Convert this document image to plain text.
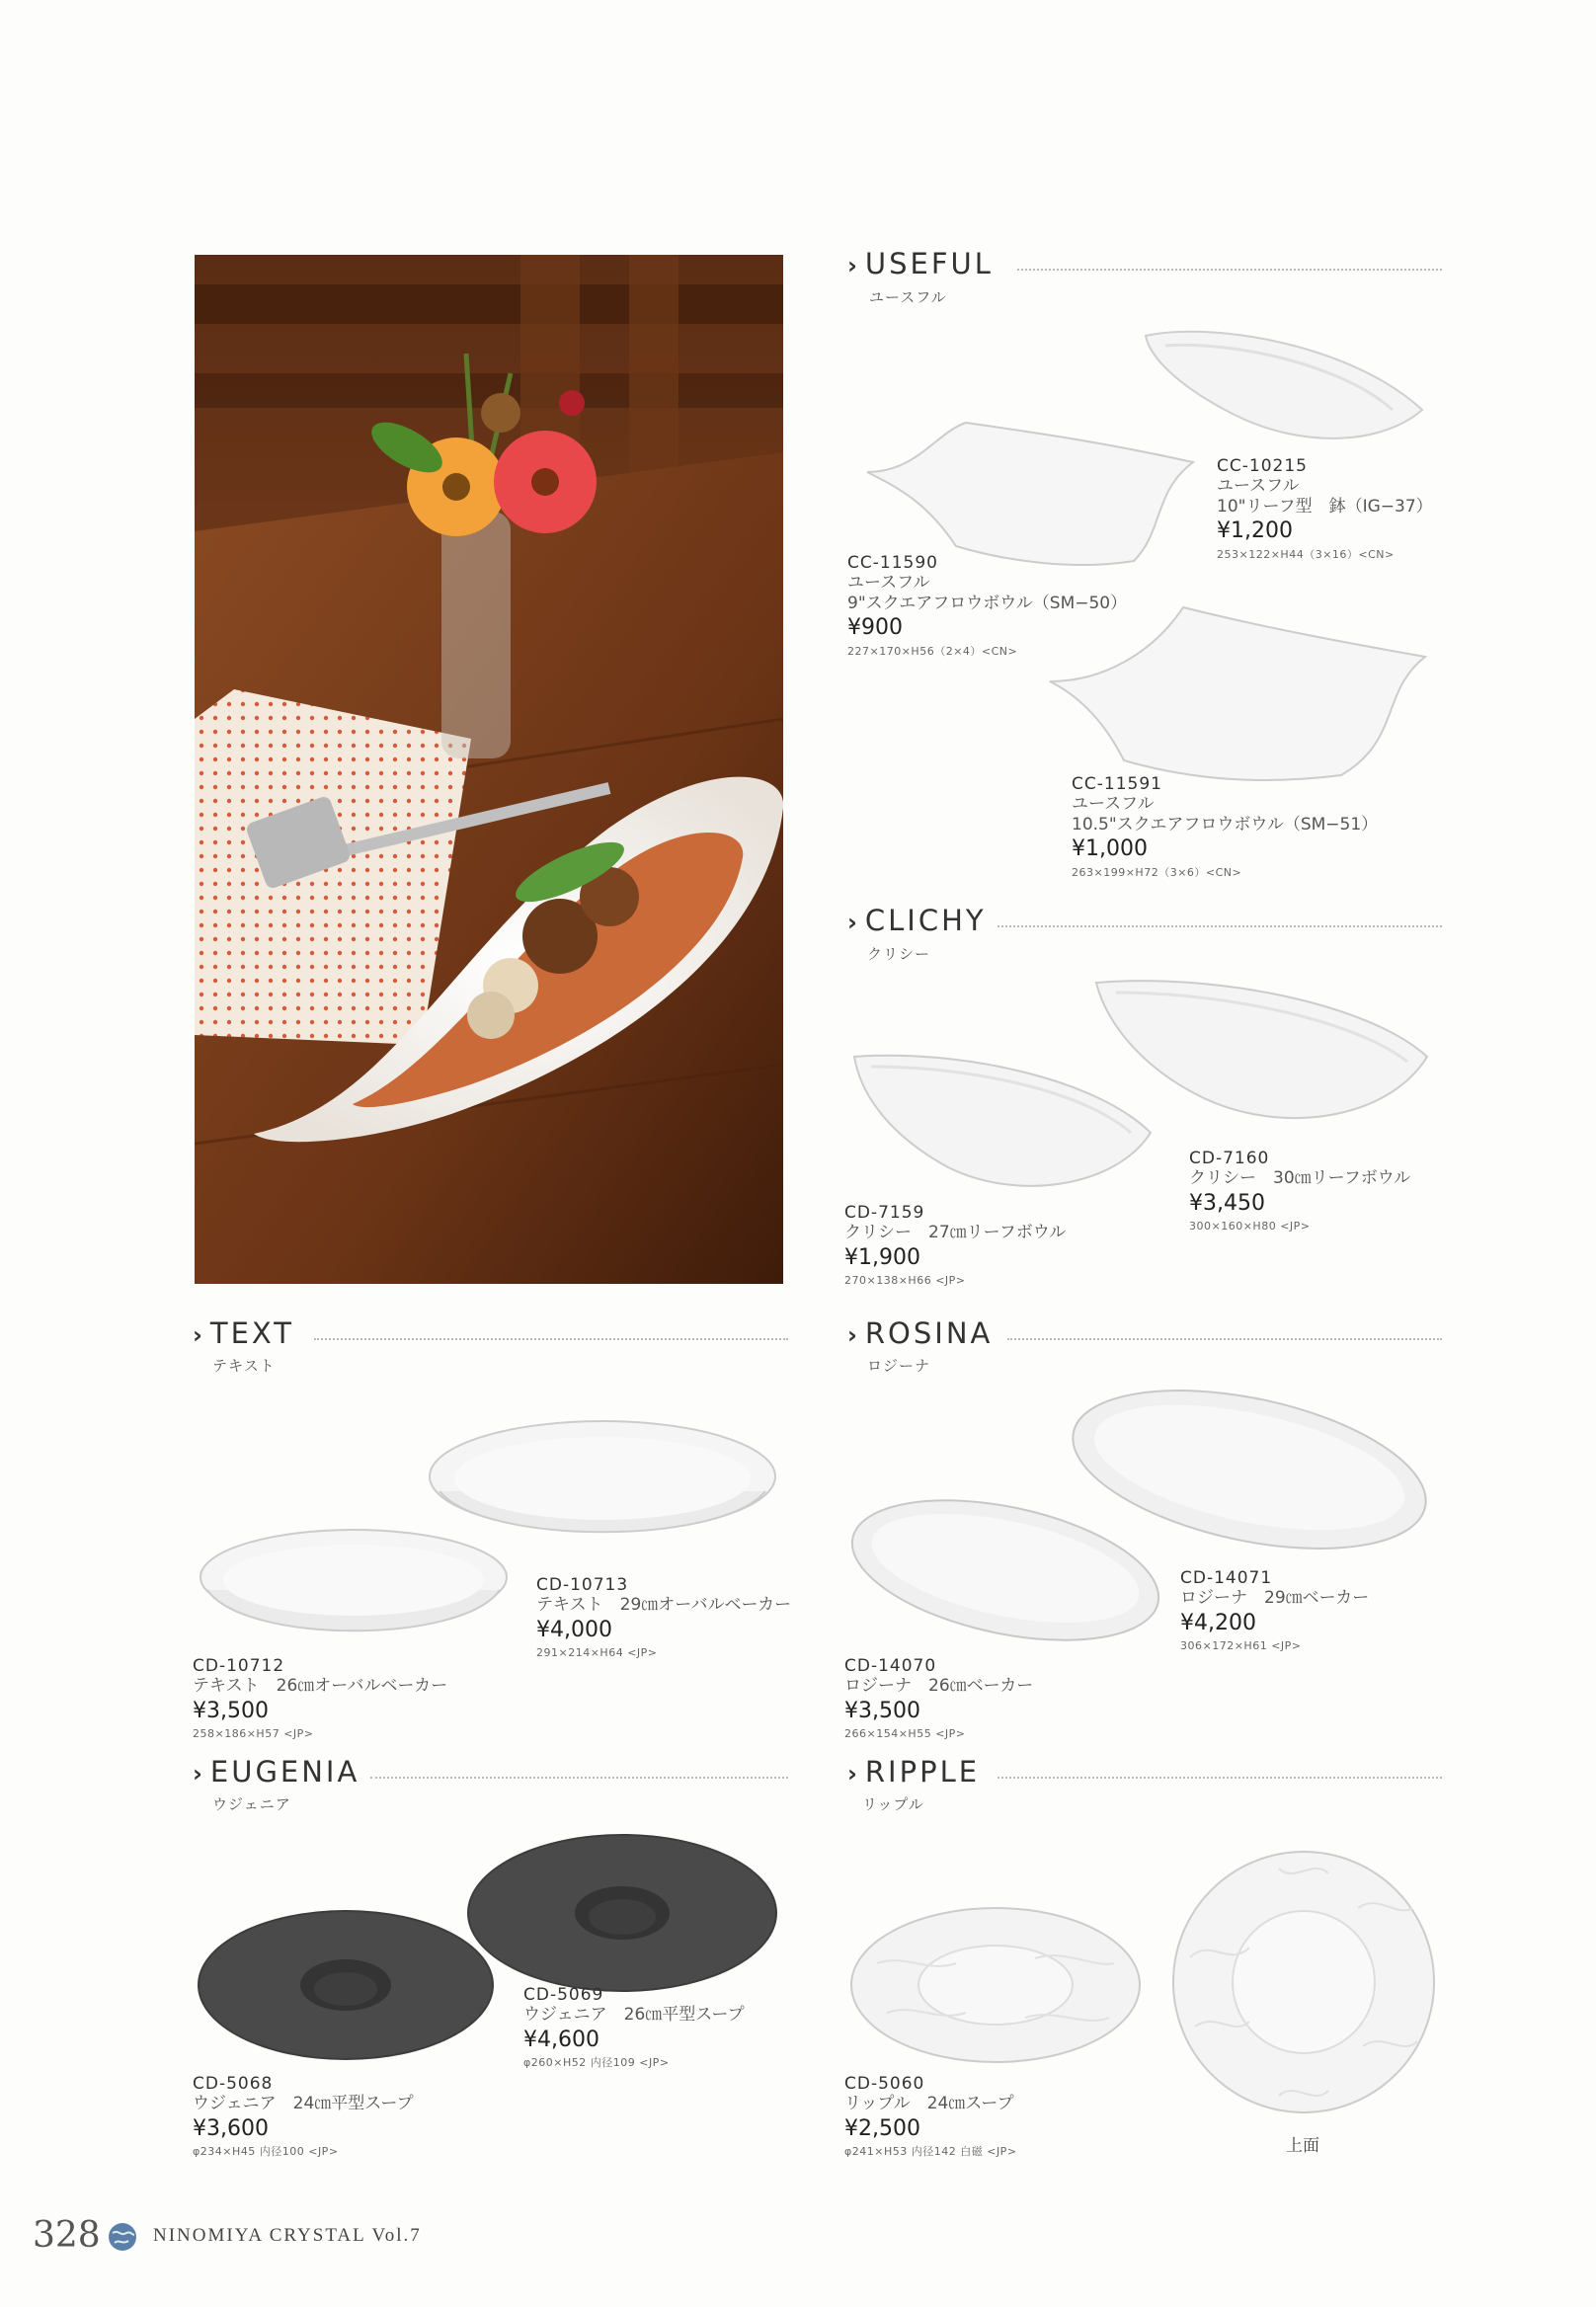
› USEFUL
ユースフル
CC-10215
ユースフル
10"リーフ型　鉢（IG−37）
¥1,200
253×122×H44（3×16）<CN>
CC-11590
ユースフル
9"スクエアフロウボウル（SM−50）
¥900
227×170×H56（2×4）<CN>
CC-11591
ユースフル
10.5"スクエアフロウボウル（SM−51）
¥1,000
263×199×H72（3×6）<CN>
› CLICHY
クリシー
CD-7160
クリシー　30㎝リーフボウル
¥3,450
300×160×H80 <JP>
CD-7159
クリシー　27㎝リーフボウル
¥1,900
270×138×H66 <JP>
› TEXT
テキスト
CD-10713
テキスト　29㎝オーバルベーカー
¥4,000
291×214×H64 <JP>
CD-10712
テキスト　26㎝オーバルベーカー
¥3,500
258×186×H57 <JP>
› ROSINA
ロジーナ
CD-14071
ロジーナ　29㎝ベーカー
¥4,200
306×172×H61 <JP>
CD-14070
ロジーナ　26㎝ベーカー
¥3,500
266×154×H55 <JP>
› EUGENIA
ウジェニア
CD-5069
ウジェニア　26㎝平型スープ
¥4,600
φ260×H52 内径109 <JP>
CD-5068
ウジェニア　24㎝平型スープ
¥3,600
φ234×H45 内径100 <JP>
› RIPPLE
リップル
CD-5060
リップル　24㎝スープ
¥2,500
φ241×H53 内径142 白磁 <JP>	上面
328	NINOMIYA CRYSTAL Vol.7
